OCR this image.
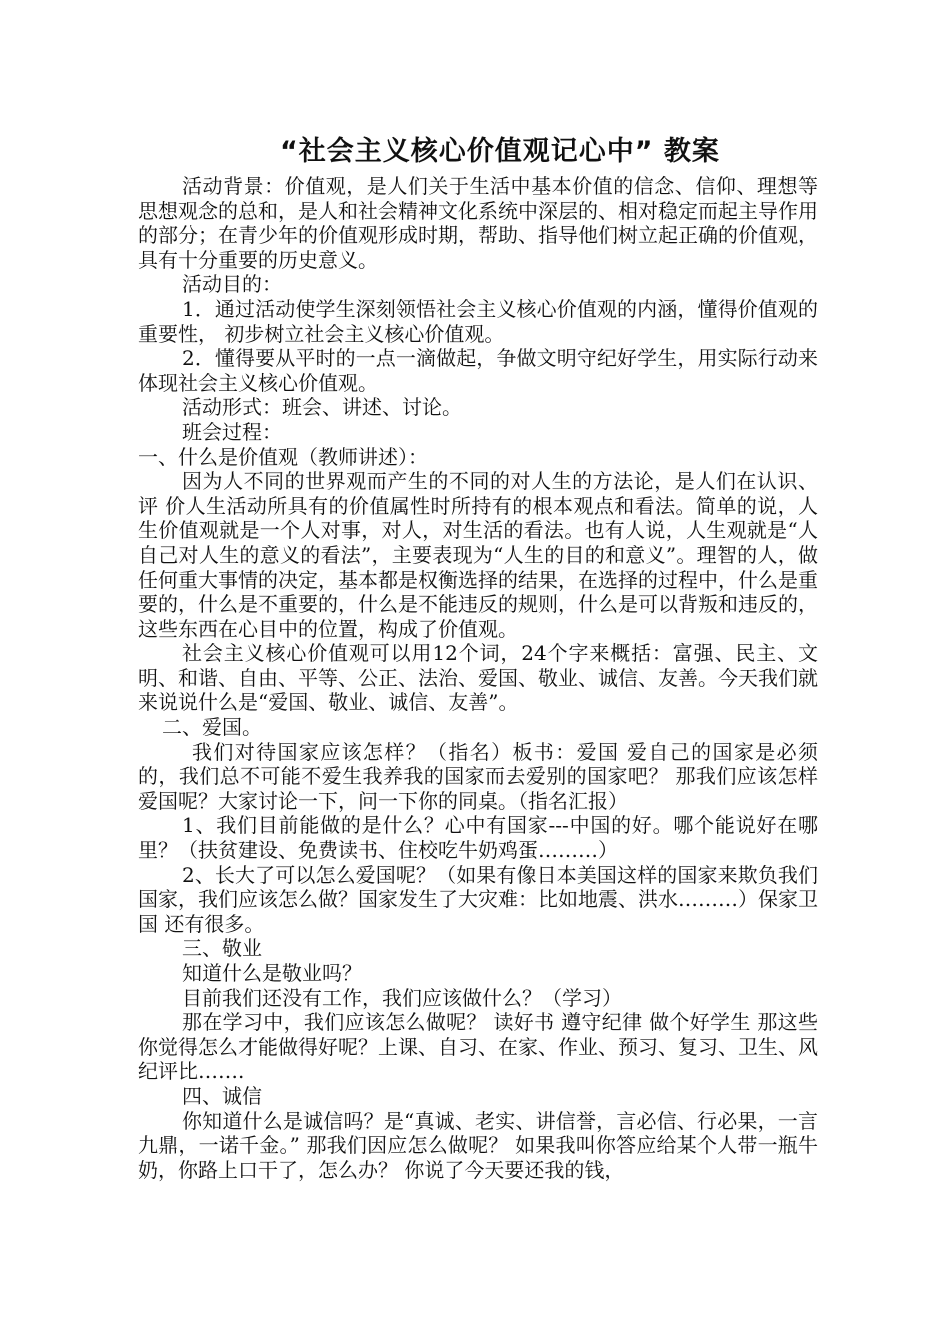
“社会主义核心价值观记心中” 教案

活动背景：价值观，是人们关于生活中基本价值的信念、信仰、理想等思想观念的总和，是人和社会精神文化系统中深层的、相对稳定而起主导作用的部分；在青少年的价值观形成时期，帮助、指导他们树立起正确的价值观，具有十分重要的历史意义。

活动目的：

1．通过活动使学生深刻领悟社会主义核心价值观的内涵，懂得价值观的重要性， 初步树立社会主义核心价值观。

2．懂得要从平时的一点一滴做起，争做文明守纪好学生，用实际行动来体现社会主义核心价值观。

活动形式：班会、讲述、讨论。

班会过程：

一、什么是价值观（教师讲述）：

因为人不同的世界观而产生的不同的对人生的方法论，是人们在认识、评 价人生活动所具有的价值属性时所持有的根本观点和看法。简单的说，人生价值观就是一个人对事，对人，对生活的看法。也有人说，人生观就是“人自己对人生的意义的看法”，主要表现为“人生的目的和意义”。理智的人，做任何重大事情的决定，基本都是权衡选择的结果，在选择的过程中，什么是重要的，什么是不重要的，什么是不能违反的规则，什么是可以背叛和违反的，这些东西在心目中的位置，构成了价值观。

社会主义核心价值观可以用12个词，24个字来概括：富强、民主、文明、和谐、自由、平等、公正、法治、爱国、敬业、诚信、友善。今天我们就来说说什么是“爱国、敬业、诚信、友善”。

二、爱国。

我们对待国家应该怎样？（指名）板书：爱国 爱自己的国家是必须的，我们总不可能不爱生我养我的国家而去爱别的国家吧？ 那我们应该怎样爱国呢？大家讨论一下，问一下你的同桌。（指名汇报）

1、我们目前能做的是什么？心中有国家---中国的好。哪个能说好在哪里？（扶贫建设、免费读书、住校吃牛奶鸡蛋………）

2、长大了可以怎么爱国呢？（如果有像日本美国这样的国家来欺负我们国家，我们应该怎么做？国家发生了大灾难：比如地震、洪水………）保家卫国 还有很多。

三、敬业

知道什么是敬业吗？

目前我们还没有工作，我们应该做什么？（学习）

那在学习中，我们应该怎么做呢？ 读好书 遵守纪律 做个好学生 那这些你觉得怎么才能做得好呢？上课、自习、在家、作业、预习、复习、卫生、风纪评比…….

四、诚信

你知道什么是诚信吗？是“真诚、老实、讲信誉，言必信、行必果，一言九鼎，一诺千金。” 那我们因应怎么做呢？ 如果我叫你答应给某个人带一瓶牛奶，你路上口干了，怎么办？ 你说了今天要还我的钱，
